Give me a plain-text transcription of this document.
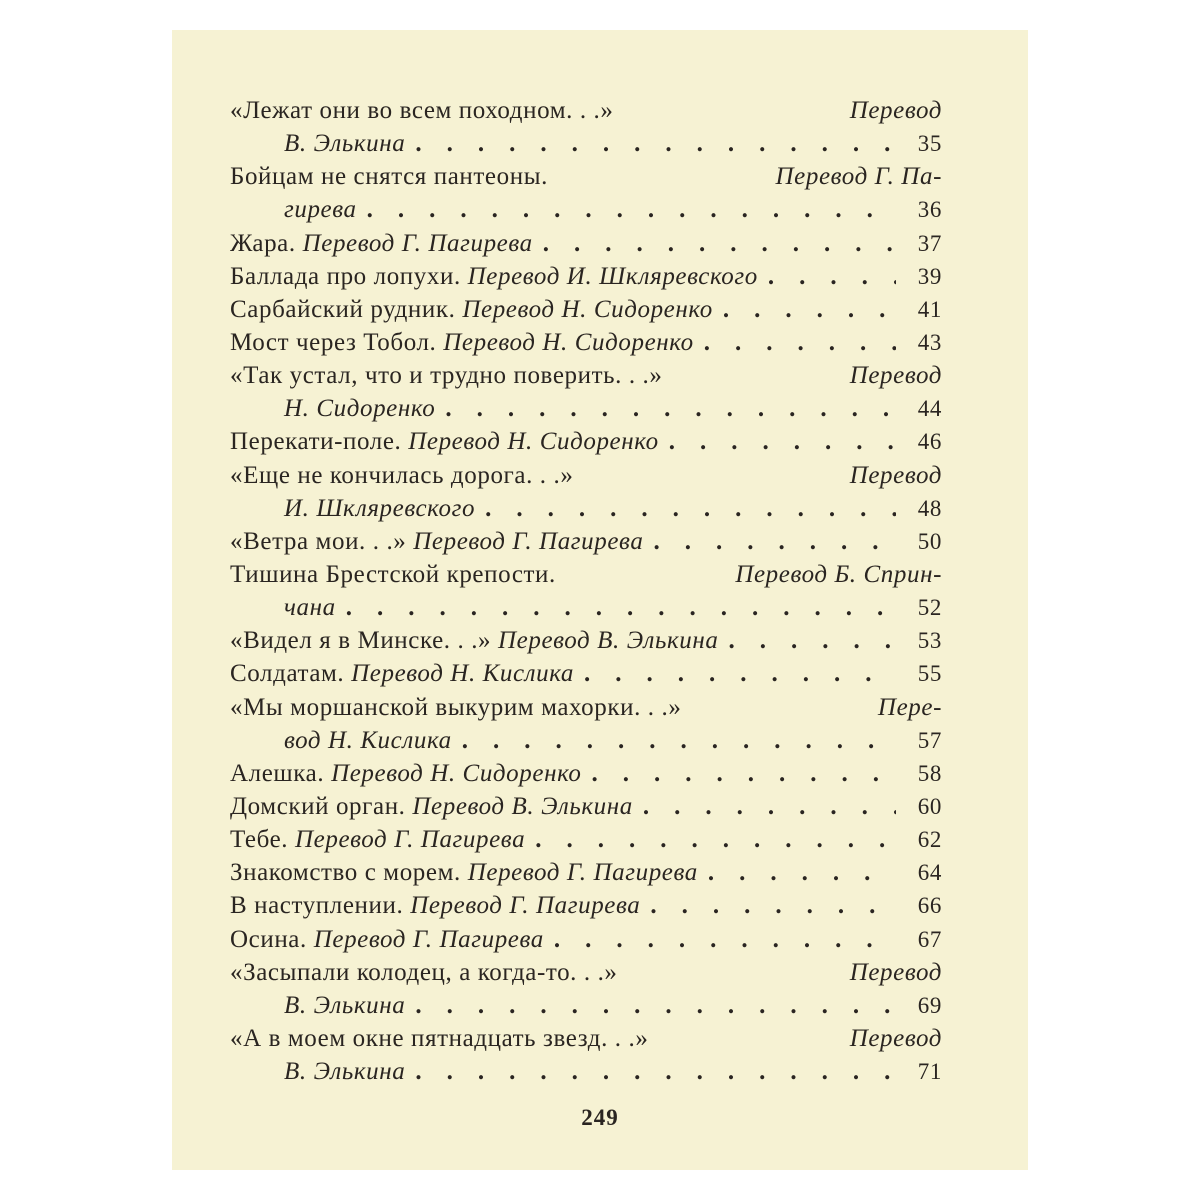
«Лежат они во всем походном. . .»	Перевод
В. Элькина .	35
Бойцам не снятся пантеоны.	Перевод Г. Па-
гирева .	36
Жара. Перевод Г. Пагирева .	37
Баллада про лопухи. Перевод И. Шкляревского .	39
Сарбайский рудник. Перевод Н. Сидоренко .	41
Мост через Тобол. Перевод Н. Сидоренко .	43
«Так устал, что и трудно поверить. . .»	Перевод
Н. Сидоренко .	44
Перекати-поле. Перевод Н. Сидоренко .	46
«Еще не кончилась дорога. . .»	Перевод
И. Шкляревского .	48
«Ветра мои. . .» Перевод Г. Пагирева .	50
Тишина Брестской крепости.	Перевод Б. Сприн-
чана .	52
«Видел я в Минске. . .» Перевод В. Элькина .	53
Солдатам. Перевод Н. Кислика .	55
«Мы моршанской выкурим махорки. . .»	Пере-
вод Н. Кислика .	57
Алешка. Перевод Н. Сидоренко .	58
Домский орган. Перевод В. Элькина .	60
Тебе. Перевод Г. Пагирева .	62
Знакомство с морем. Перевод Г. Пагирева .	64
В наступлении. Перевод Г. Пагирева .	66
Осина. Перевод Г. Пагирева .	67
«Засыпали колодец, а когда-то. . .»	Перевод
В. Элькина .	69
«А в моем окне пятнадцать звезд. . .»	Перевод
В. Элькина .	71
249
